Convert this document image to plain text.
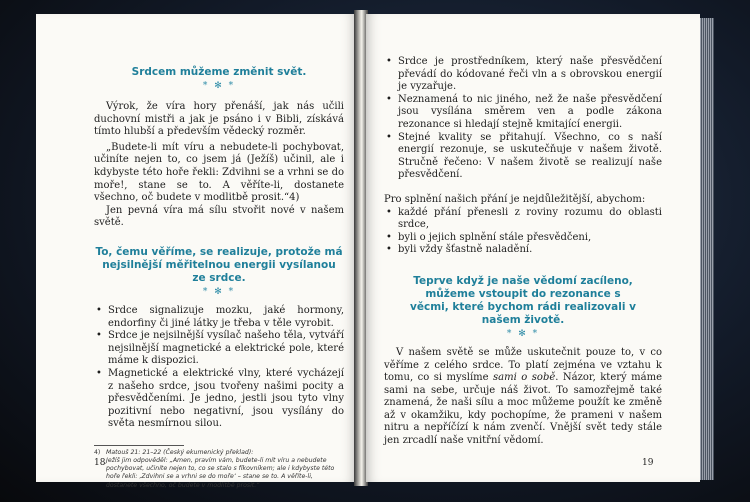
Srdcem můžeme změnit svět.
* ✻ *

Výrok, že víra hory přenáší, jak nás učili duchovní mistři a jak je psáno i v Bibli, získává tímto hlubší a především vědecký rozměr.

„Budete-li mít víru a nebudete-li pochybovat, učiníte nejen to, co jsem já (Ježíš) učinil, ale i kdybyste této hoře řekli: Zdvihni se a vrhni se do moře!, stane se to. A věříte-li, dostanete všechno, oč budete v modlitbě prosit.“4)

Jen pevná víra má sílu stvořit nové v našem světě.

To, čemu věříme, se realizuje, protože má nejsilnější měřitelnou energii vysílanou ze srdce.
* ✻ *
• Srdce signalizuje mozku, jaké hormony, endorfiny či jiné látky je třeba v těle vyrobit.
• Srdce je nejsilnější vysílač našeho těla, vytváří nejsilnější magnetické a elektrické pole, které máme k dispozici.
• Magnetické a elektrické vlny, které vycházejí z našeho srdce, jsou tvořeny našimi pocity a přesvědčeními. Je jedno, jestli jsou tyto vlny pozitivní nebo negativní, jsou vysílány do světa nesmírnou silou.
4) Matouš 21: 21–22 (Český ekumenický překlad):
Ježíš jim odpověděl: „Amen, pravím vám, budete-li mít víru a nebudete pochybovat, učiníte nejen to, co se stalo s fíkovníkem; ale i kdybyste této hoře řekli: ‚Zdvihni se a vrhni se do moře‘ – stane se to. A věříte-li, dostanete všechno, oč budete v modlitbě prosit.“
18
• Srdce je prostředníkem, který naše přesvědčení převádí do kódované řeči vln a s obrovskou energií je vyzařuje.
• Neznamená to nic jiného, než že naše přesvědčení jsou vysílána směrem ven a podle zákona rezonance si hledají stejně kmitající energii.
• Stejné kvality se přitahují. Všechno, co s naší energií rezonuje, se uskutečňuje v našem životě. Stručně řečeno: V našem životě se realizují naše přesvědčení.

Pro splnění našich přání je nejdůležitější, abychom:

• každé přání přenesli z roviny rozumu do oblasti srdce,
• byli o jejich splnění stále přesvědčeni,
• byli vždy šťastně naladění.
Teprve když je naše vědomí zacíleno, můžeme vstoupit do rezonance s věcmi, které bychom rádi realizovali v našem životě.
* ✻ *

V našem světě se může uskutečnit pouze to, v co věříme z celého srdce. To platí zejména ve vztahu k tomu, co si myslíme sami o sobě. Názor, který máme sami na sebe, určuje náš život. To samozřejmě také znamená, že naši sílu a moc můžeme použít ke změně až v okamžiku, kdy pochopíme, že prameni v našem nitru a nepříčízí k nám zvenčí. Vnější svět tedy stále jen zrcadlí naše vnitřní vědomí.

19
